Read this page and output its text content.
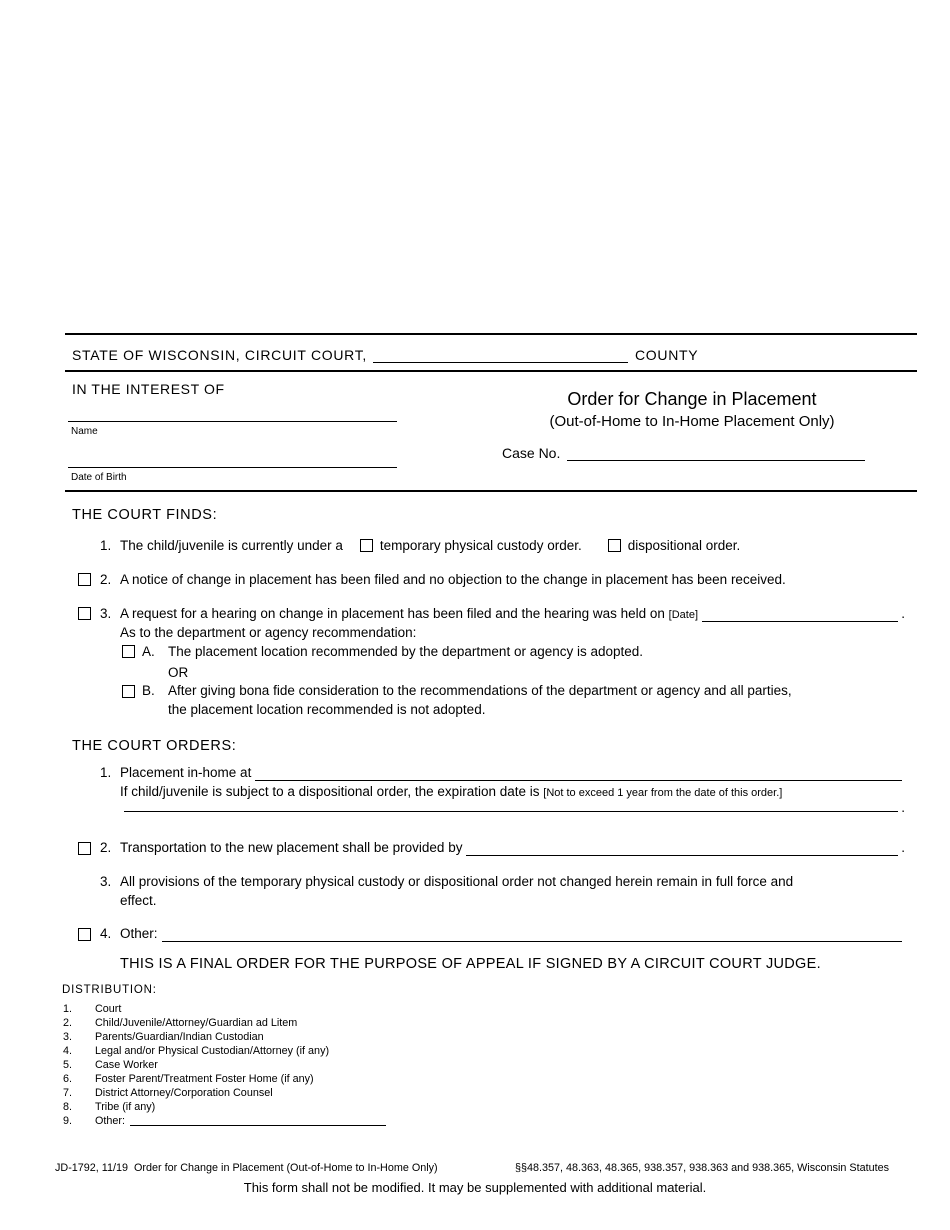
STATE OF WISCONSIN, CIRCUIT COURT,	COUNTY
IN THE INTEREST OF
Name
Date of Birth
Order for Change in Placement
(Out-of-Home to In-Home Placement Only)
Case No.
THE COURT FINDS:
1. The child/juvenile is currently under a	temporary physical custody order.	dispositional order.
2. A notice of change in placement has been filed and no objection to the change in placement has been received.
3. A request for a hearing on change in placement has been filed and the hearing was held on [Date]	.
As to the department or agency recommendation:
A. The placement location recommended by the department or agency is adopted.
OR
B. After giving bona fide consideration to the recommendations of the department or agency and all parties,
the placement location recommended is not adopted.
THE COURT ORDERS:
1. Placement in-home at
If child/juvenile is subject to a dispositional order, the expiration date is [Not to exceed 1 year from the date of this order.]
.
2. Transportation to the new placement shall be provided by	.
3. All provisions of the temporary physical custody or dispositional order not changed herein remain in full force and
effect.
4. Other:
THIS IS A FINAL ORDER FOR THE PURPOSE OF APPEAL IF SIGNED BY A CIRCUIT COURT JUDGE.
DISTRIBUTION:
1.	Court
2.	Child/Juvenile/Attorney/Guardian ad Litem
3.	Parents/Guardian/Indian Custodian
4.	Legal and/or Physical Custodian/Attorney (if any)
5.	Case Worker
6.	Foster Parent/Treatment Foster Home (if any)
7.	District Attorney/Corporation Counsel
8.	Tribe (if any)
9.	Other:
JD-1792, 11/19  Order for Change in Placement (Out-of-Home to In-Home Only)	§§48.357, 48.363, 48.365, 938.357, 938.363 and 938.365, Wisconsin Statutes
This form shall not be modified. It may be supplemented with additional material.
